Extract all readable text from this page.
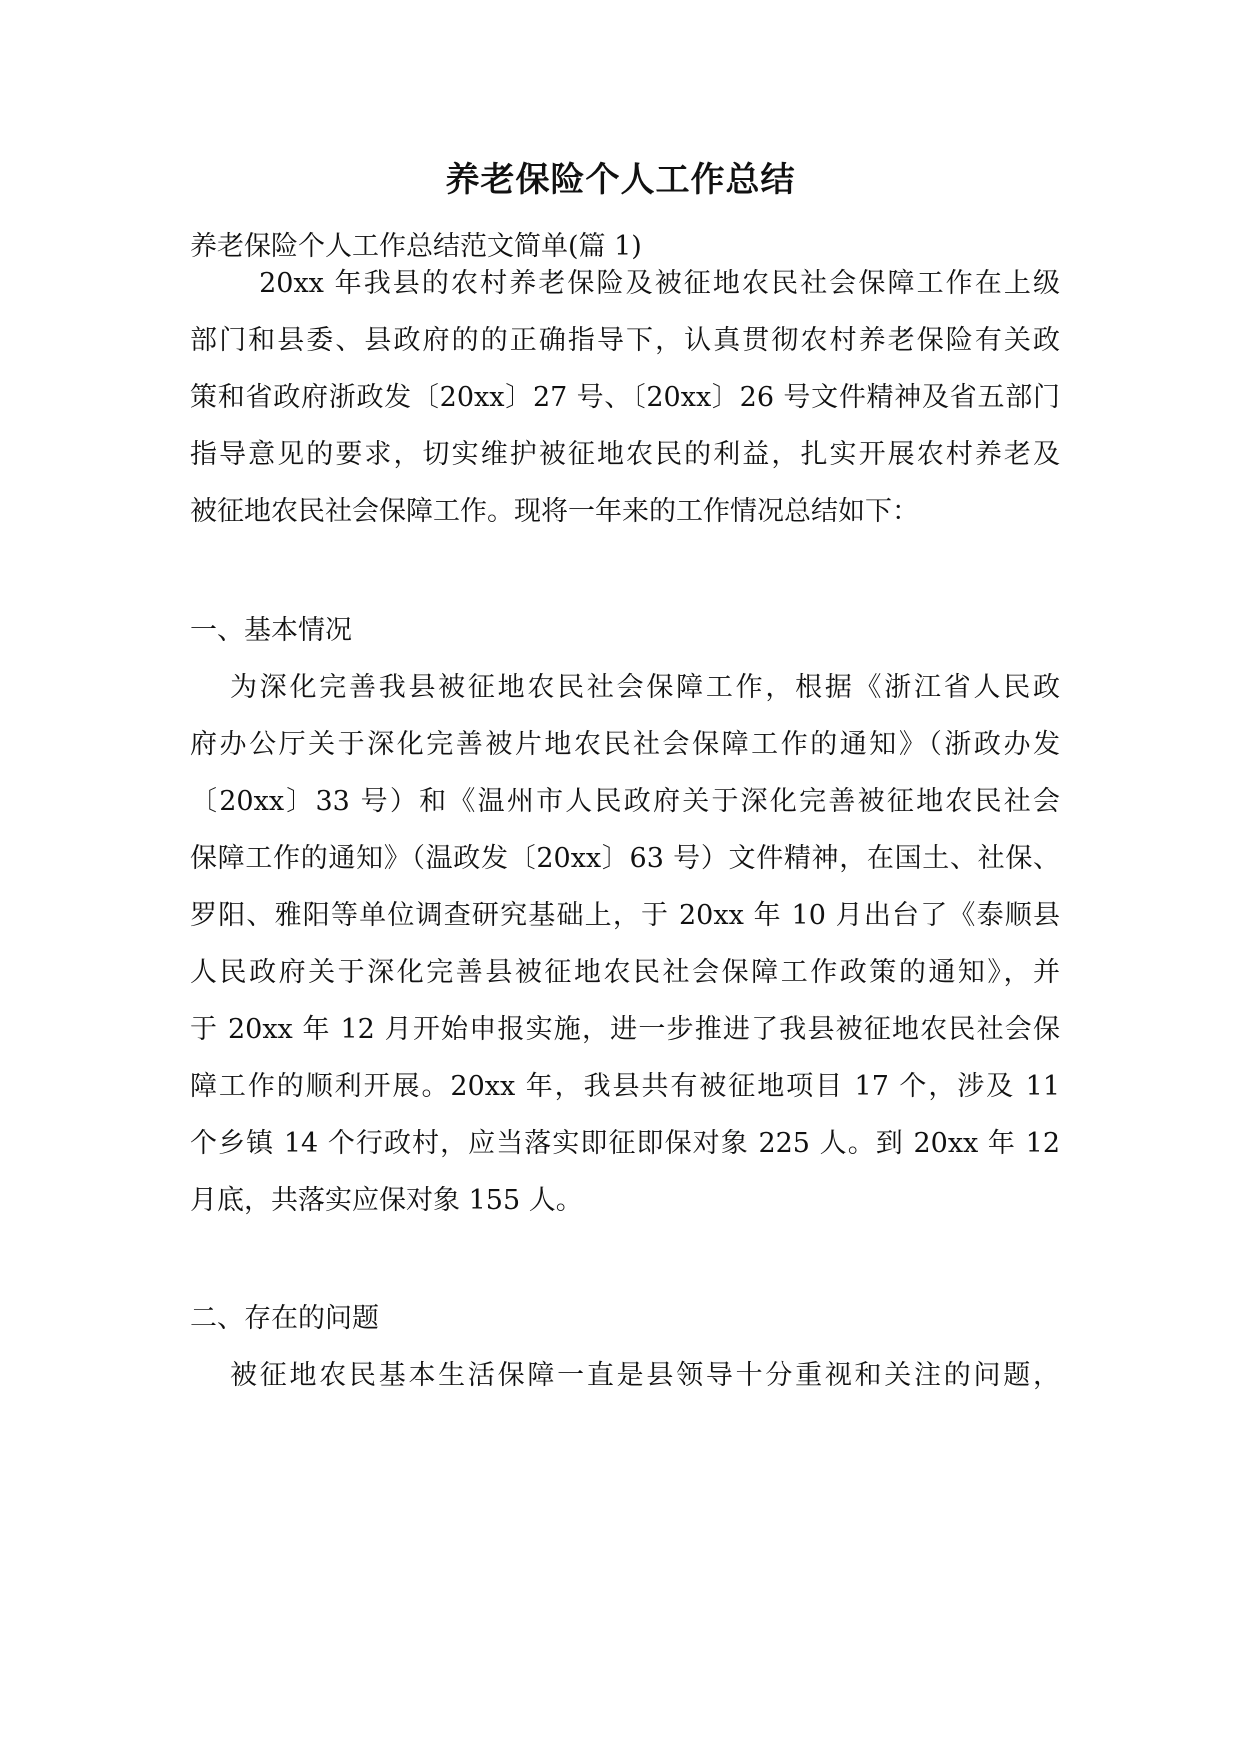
养老保险个人工作总结

养老保险个人工作总结范文简单(篇 1)

　20xx 年我县的农村养老保险及被征地农民社会保障工作在上级

部门和县委、县政府的的正确指导下，认真贯彻农村养老保险有关政

策和省政府浙政发〔20xx〕27 号、〔20xx〕26 号文件精神及省五部门

指导意见的要求，切实维护被征地农民的利益，扎实开展农村养老及

被征地农民社会保障工作。现将一年来的工作情况总结如下：

一、基本情况

为深化完善我县被征地农民社会保障工作，根据《浙江省人民政

府办公厅关于深化完善被片地农民社会保障工作的通知》（浙政办发

〔20xx〕33 号）和《温州市人民政府关于深化完善被征地农民社会

保障工作的通知》（温政发〔20xx〕63 号）文件精神，在国土、社保、

罗阳、雅阳等单位调查研究基础上，于 20xx 年 10 月出台了《泰顺县

人民政府关于深化完善县被征地农民社会保障工作政策的通知》，并

于 20xx 年 12 月开始申报实施，进一步推进了我县被征地农民社会保

障工作的顺利开展。20xx 年，我县共有被征地项目 17 个，涉及 11

个乡镇 14 个行政村，应当落实即征即保对象 225 人。到 20xx 年 12

月底，共落实应保对象 155 人。

二、存在的问题

被征地农民基本生活保障一直是县领导十分重视和关注的问题，
